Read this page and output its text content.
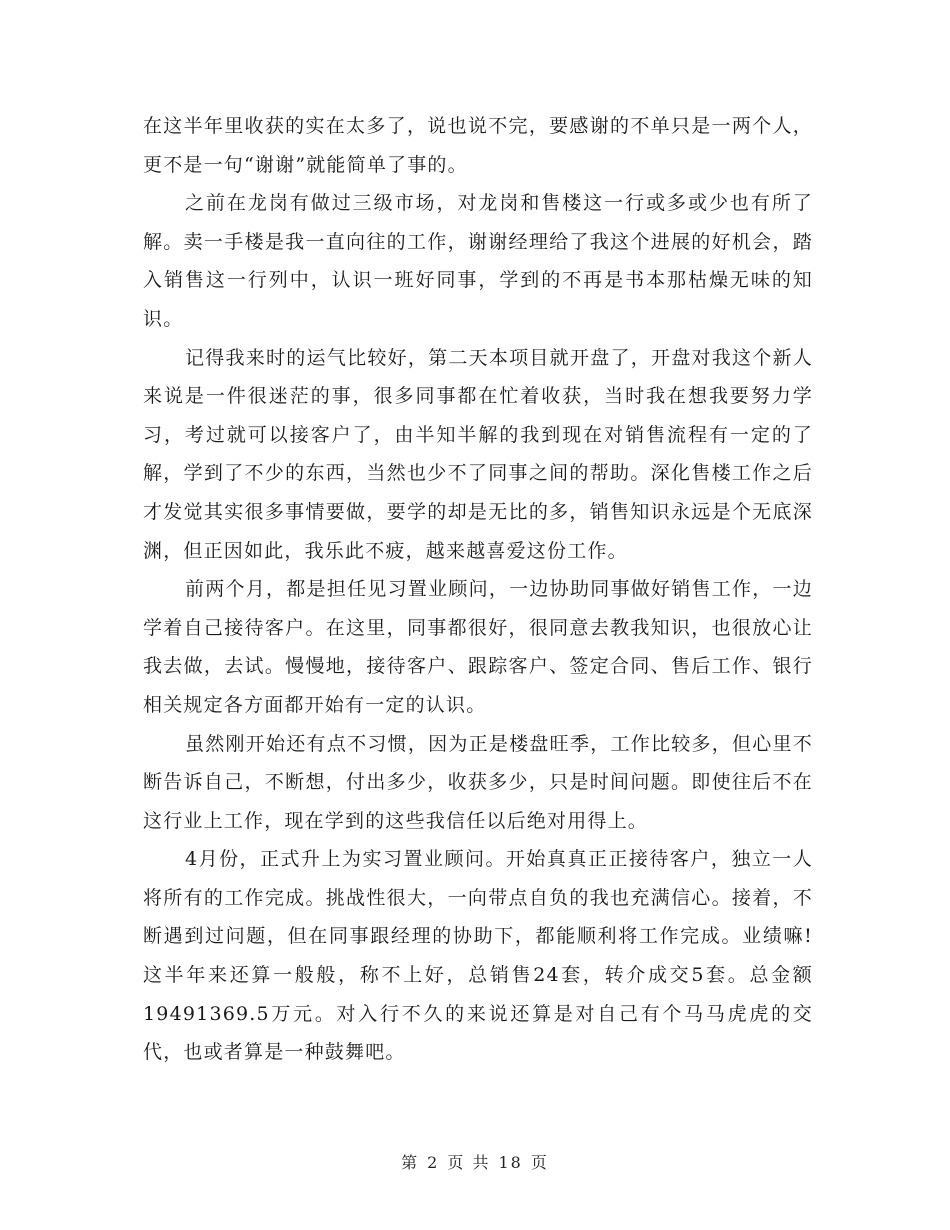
在这半年里收获的实在太多了，说也说不完，要感谢的不单只是一两个人，更不是一句“谢谢”就能简单了事的。

之前在龙岗有做过三级市场，对龙岗和售楼这一行或多或少也有所了解。卖一手楼是我一直向往的工作，谢谢经理给了我这个进展的好机会，踏入销售这一行列中，认识一班好同事，学到的不再是书本那枯燥无味的知识。

记得我来时的运气比较好，第二天本项目就开盘了，开盘对我这个新人来说是一件很迷茫的事，很多同事都在忙着收获，当时我在想我要努力学习，考过就可以接客户了，由半知半解的我到现在对销售流程有一定的了解，学到了不少的东西，当然也少不了同事之间的帮助。深化售楼工作之后才发觉其实很多事情要做，要学的却是无比的多，销售知识永远是个无底深渊，但正因如此，我乐此不疲，越来越喜爱这份工作。

前两个月，都是担任见习置业顾问，一边协助同事做好销售工作，一边学着自己接待客户。在这里，同事都很好，很同意去教我知识，也很放心让我去做，去试。慢慢地，接待客户、跟踪客户、签定合同、售后工作、银行相关规定各方面都开始有一定的认识。

虽然刚开始还有点不习惯，因为正是楼盘旺季，工作比较多，但心里不断告诉自己，不断想，付出多少，收获多少，只是时间问题。即使往后不在这行业上工作，现在学到的这些我信任以后绝对用得上。

4月份，正式升上为实习置业顾问。开始真真正正接待客户，独立一人将所有的工作完成。挑战性很大，一向带点自负的我也充满信心。接着，不断遇到过问题，但在同事跟经理的协助下，都能顺利将工作完成。业绩嘛!这半年来还算一般般，称不上好，总销售24套，转介成交5套。总金额19491369.5万元。对入行不久的来说还算是对自己有个马马虎虎的交代，也或者算是一种鼓舞吧。

第 2 页 共 18 页
